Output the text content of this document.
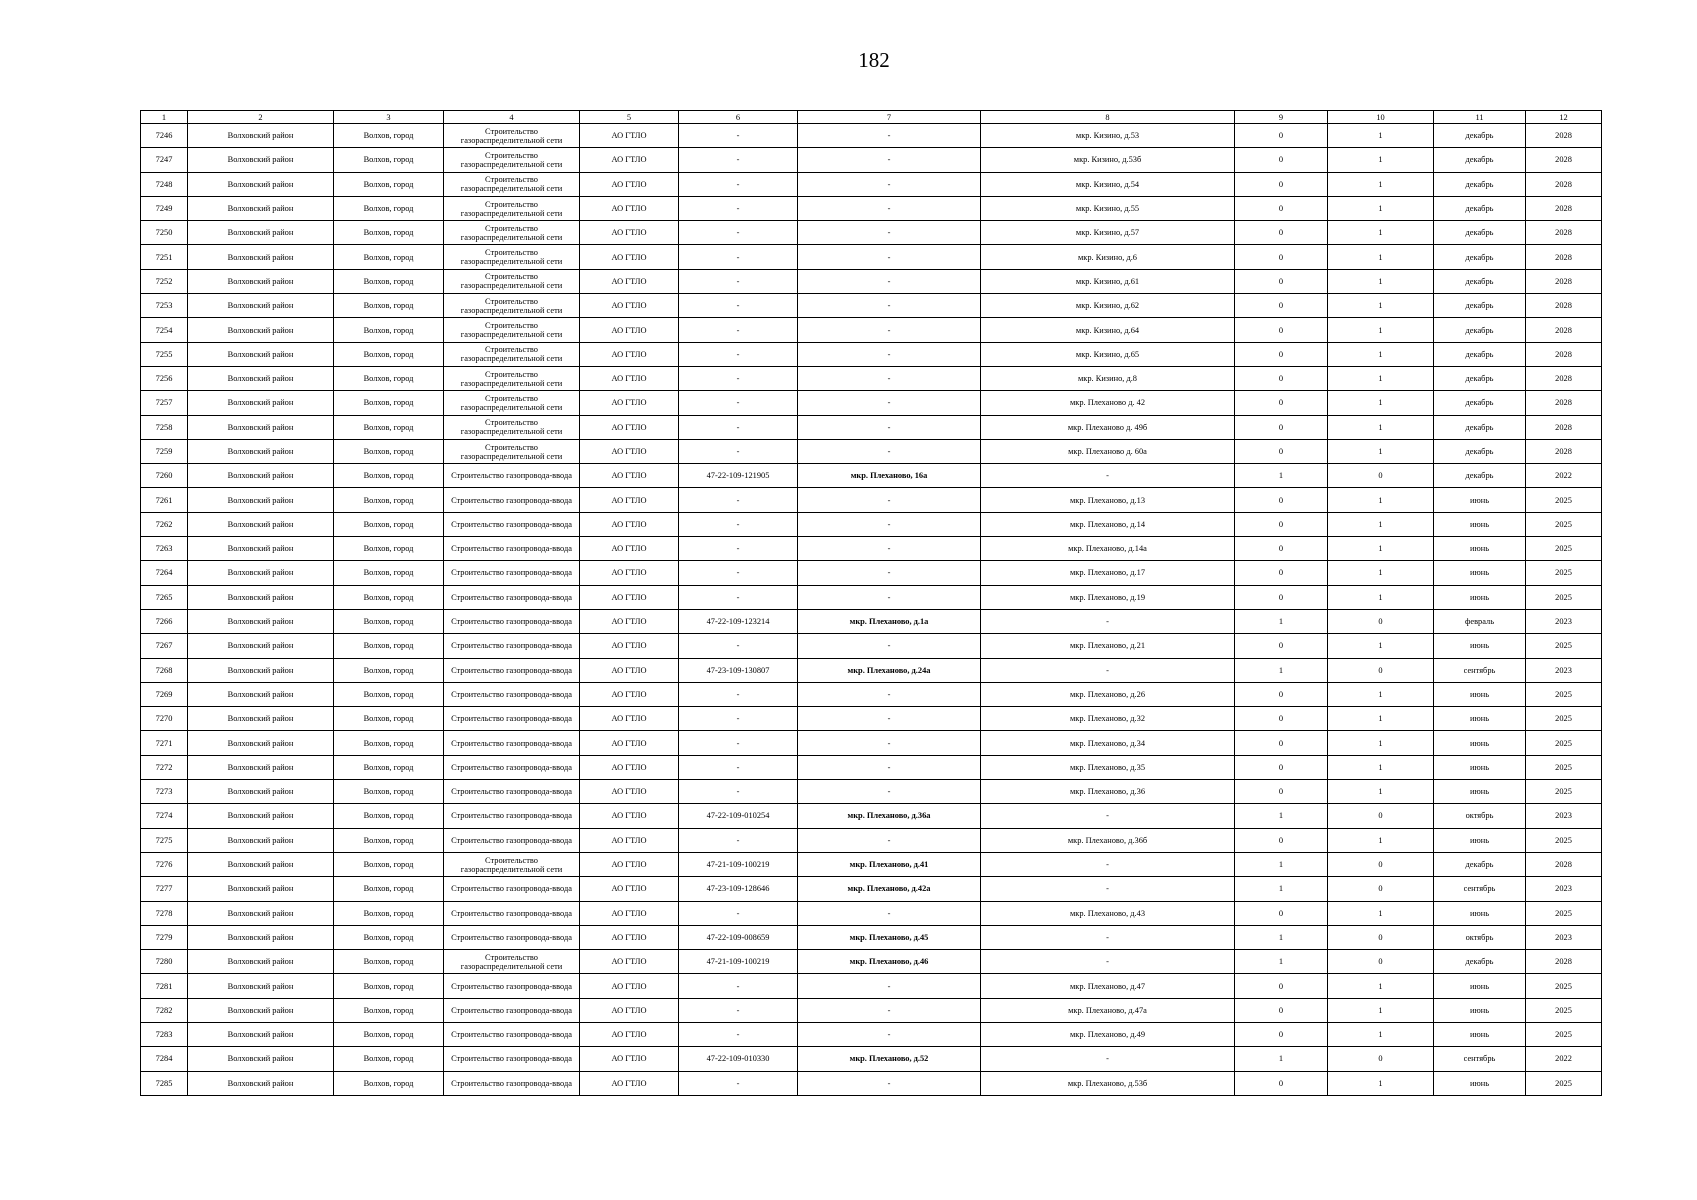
182
1	2	3	4	5	6	7	8	9	10	11	12
7246	Волховский район	Волхов, город	Строительство газораспределительной сети	АО ГТЛО	-	-	мкр. Кизино, д.53	0	1	декабрь	2028
7247	Волховский район	Волхов, город	Строительство газораспределительной сети	АО ГТЛО	-	-	мкр. Кизино, д.53б	0	1	декабрь	2028
7248	Волховский район	Волхов, город	Строительство газораспределительной сети	АО ГТЛО	-	-	мкр. Кизино, д.54	0	1	декабрь	2028
7249	Волховский район	Волхов, город	Строительство газораспределительной сети	АО ГТЛО	-	-	мкр. Кизино, д.55	0	1	декабрь	2028
7250	Волховский район	Волхов, город	Строительство газораспределительной сети	АО ГТЛО	-	-	мкр. Кизино, д.57	0	1	декабрь	2028
7251	Волховский район	Волхов, город	Строительство газораспределительной сети	АО ГТЛО	-	-	мкр. Кизино, д.6	0	1	декабрь	2028
7252	Волховский район	Волхов, город	Строительство газораспределительной сети	АО ГТЛО	-	-	мкр. Кизино, д.61	0	1	декабрь	2028
7253	Волховский район	Волхов, город	Строительство газораспределительной сети	АО ГТЛО	-	-	мкр. Кизино, д.62	0	1	декабрь	2028
7254	Волховский район	Волхов, город	Строительство газораспределительной сети	АО ГТЛО	-	-	мкр. Кизино, д.64	0	1	декабрь	2028
7255	Волховский район	Волхов, город	Строительство газораспределительной сети	АО ГТЛО	-	-	мкр. Кизино, д.65	0	1	декабрь	2028
7256	Волховский район	Волхов, город	Строительство газораспределительной сети	АО ГТЛО	-	-	мкр. Кизино, д.8	0	1	декабрь	2028
7257	Волховский район	Волхов, город	Строительство газораспределительной сети	АО ГТЛО	-	-	мкр. Плеханово д. 42	0	1	декабрь	2028
7258	Волховский район	Волхов, город	Строительство газораспределительной сети	АО ГТЛО	-	-	мкр. Плеханово д. 49б	0	1	декабрь	2028
7259	Волховский район	Волхов, город	Строительство газораспределительной сети	АО ГТЛО	-	-	мкр. Плеханово д. 60а	0	1	декабрь	2028
7260	Волховский район	Волхов, город	Строительство газопровода-ввода	АО ГТЛО	47-22-109-121905	мкр. Плеханово, 16а	-	1	0	декабрь	2022
7261	Волховский район	Волхов, город	Строительство газопровода-ввода	АО ГТЛО	-	-	мкр. Плеханово, д.13	0	1	июнь	2025
7262	Волховский район	Волхов, город	Строительство газопровода-ввода	АО ГТЛО	-	-	мкр. Плеханово, д.14	0	1	июнь	2025
7263	Волховский район	Волхов, город	Строительство газопровода-ввода	АО ГТЛО	-	-	мкр. Плеханово, д.14а	0	1	июнь	2025
7264	Волховский район	Волхов, город	Строительство газопровода-ввода	АО ГТЛО	-	-	мкр. Плеханово, д.17	0	1	июнь	2025
7265	Волховский район	Волхов, город	Строительство газопровода-ввода	АО ГТЛО	-	-	мкр. Плеханово, д.19	0	1	июнь	2025
7266	Волховский район	Волхов, город	Строительство газопровода-ввода	АО ГТЛО	47-22-109-123214	мкр. Плеханово, д.1а	-	1	0	февраль	2023
7267	Волховский район	Волхов, город	Строительство газопровода-ввода	АО ГТЛО	-	-	мкр. Плеханово, д.21	0	1	июнь	2025
7268	Волховский район	Волхов, город	Строительство газопровода-ввода	АО ГТЛО	47-23-109-130807	мкр. Плеханово, д.24а	-	1	0	сентябрь	2023
7269	Волховский район	Волхов, город	Строительство газопровода-ввода	АО ГТЛО	-	-	мкр. Плеханово, д.26	0	1	июнь	2025
7270	Волховский район	Волхов, город	Строительство газопровода-ввода	АО ГТЛО	-	-	мкр. Плеханово, д.32	0	1	июнь	2025
7271	Волховский район	Волхов, город	Строительство газопровода-ввода	АО ГТЛО	-	-	мкр. Плеханово, д.34	0	1	июнь	2025
7272	Волховский район	Волхов, город	Строительство газопровода-ввода	АО ГТЛО	-	-	мкр. Плеханово, д.35	0	1	июнь	2025
7273	Волховский район	Волхов, город	Строительство газопровода-ввода	АО ГТЛО	-	-	мкр. Плеханово, д.36	0	1	июнь	2025
7274	Волховский район	Волхов, город	Строительство газопровода-ввода	АО ГТЛО	47-22-109-010254	мкр. Плеханово, д.36а	-	1	0	октябрь	2023
7275	Волховский район	Волхов, город	Строительство газопровода-ввода	АО ГТЛО	-	-	мкр. Плеханово, д.36б	0	1	июнь	2025
7276	Волховский район	Волхов, город	Строительство газораспределительной сети	АО ГТЛО	47-21-109-100219	мкр. Плеханово, д.41	-	1	0	декабрь	2028
7277	Волховский район	Волхов, город	Строительство газопровода-ввода	АО ГТЛО	47-23-109-128646	мкр. Плеханово, д.42а	-	1	0	сентябрь	2023
7278	Волховский район	Волхов, город	Строительство газопровода-ввода	АО ГТЛО	-	-	мкр. Плеханово, д.43	0	1	июнь	2025
7279	Волховский район	Волхов, город	Строительство газопровода-ввода	АО ГТЛО	47-22-109-008659	мкр. Плеханово, д.45	-	1	0	октябрь	2023
7280	Волховский район	Волхов, город	Строительство газораспределительной сети	АО ГТЛО	47-21-109-100219	мкр. Плеханово, д.46	-	1	0	декабрь	2028
7281	Волховский район	Волхов, город	Строительство газопровода-ввода	АО ГТЛО	-	-	мкр. Плеханово, д.47	0	1	июнь	2025
7282	Волховский район	Волхов, город	Строительство газопровода-ввода	АО ГТЛО	-	-	мкр. Плеханово, д.47а	0	1	июнь	2025
7283	Волховский район	Волхов, город	Строительство газопровода-ввода	АО ГТЛО	-	-	мкр. Плеханово, д.49	0	1	июнь	2025
7284	Волховский район	Волхов, город	Строительство газопровода-ввода	АО ГТЛО	47-22-109-010330	мкр. Плеханово, д.52	-	1	0	сентябрь	2022
7285	Волховский район	Волхов, город	Строительство газопровода-ввода	АО ГТЛО	-	-	мкр. Плеханово, д.53б	0	1	июнь	2025
